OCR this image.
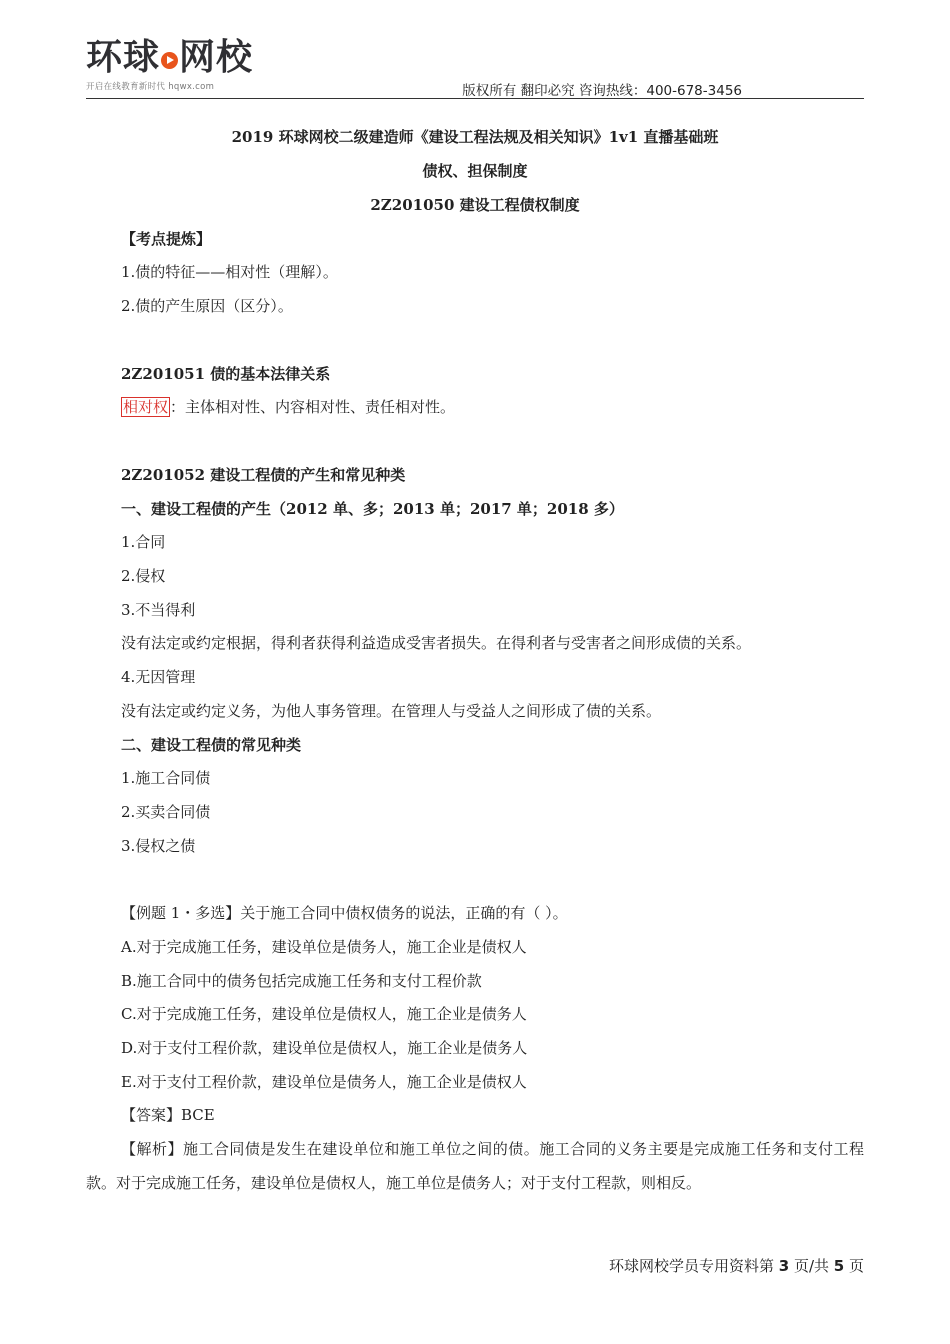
环球 网校
开启在线教育新时代 hqwx.com	版权所有 翻印必究 咨询热线：400-678-3456
2019 环球网校二级建造师《建设工程法规及相关知识》1v1 直播基础班
债权、担保制度
2Z201050 建设工程债权制度
【考点提炼】
1.债的特征——相对性（理解）。
2.债的产生原因（区分）。
2Z201051 债的基本法律关系
相对权 ：主体相对性、内容相对性、责任相对性。
2Z201052 建设工程债的产生和常见种类
一、建设工程债的产生（2012 单、多；2013 单；2017 单；2018 多）
1.合同
2.侵权
3.不当得利
没有法定或约定根据，得利者获得利益造成受害者损失。在得利者与受害者之间形成债的关系。
4.无因管理
没有法定或约定义务，为他人事务管理。在管理人与受益人之间形成了债的关系。
二、建设工程债的常见种类
1.施工合同债
2.买卖合同债
3.侵权之债
【例题 1・多选】关于施工合同中债权债务的说法，正确的有（ ）。
A.对于完成施工任务，建设单位是债务人，施工企业是债权人
B.施工合同中的债务包括完成施工任务和支付工程价款
C.对于完成施工任务，建设单位是债权人，施工企业是债务人
D.对于支付工程价款，建设单位是债权人，施工企业是债务人
E.对于支付工程价款，建设单位是债务人，施工企业是债权人
【答案】BCE
【解析】施工合同债是发生在建设单位和施工单位之间的债。施工合同的义务主要是完成施工任务和支付工程款。对于完成施工任务，建设单位是债权人，施工单位是债务人；对于支付工程款，则相反。
环球网校学员专用资料第 3 页/共 5 页
